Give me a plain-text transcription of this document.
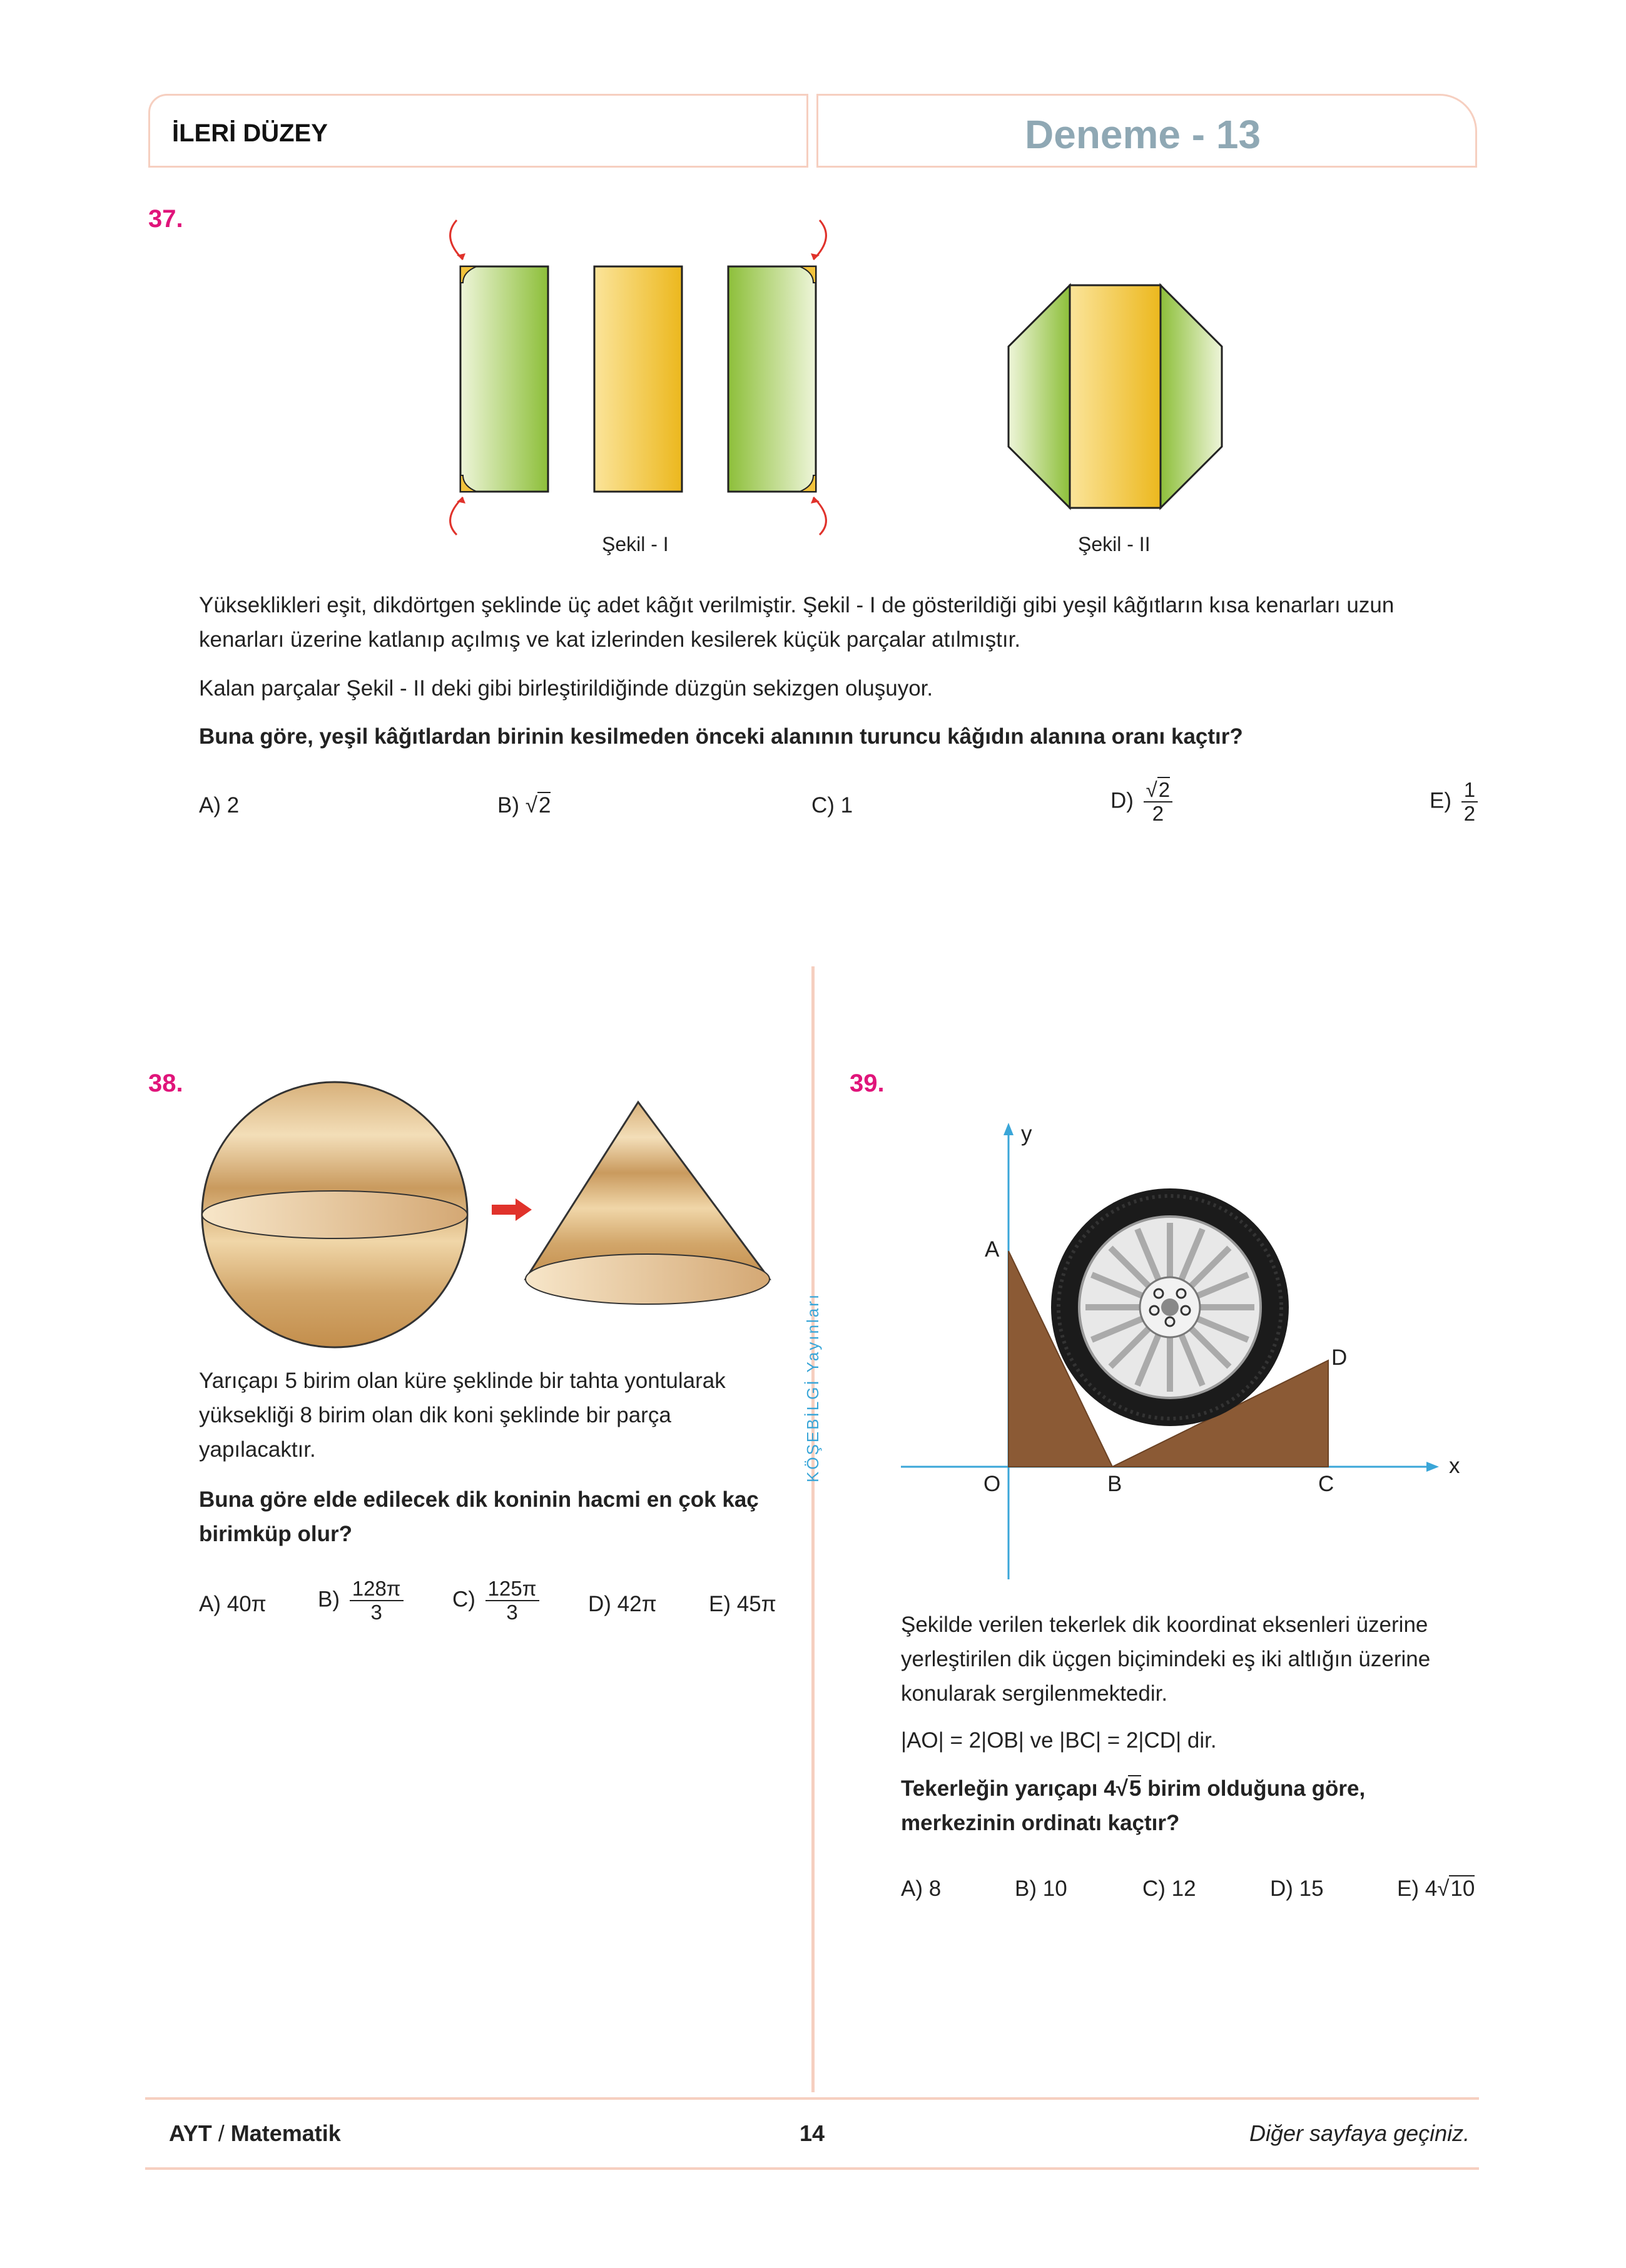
İLERİ DÜZEY	Deneme - 13
37.
Şekil - I	Şekil - II
Yükseklikleri eşit, dikdörtgen şeklinde üç adet kâğıt verilmiştir. Şekil - I de gösterildiği gibi yeşil kâğıtların kısa kenarları uzun kenarları üzerine katlanıp açılmış ve kat izlerinden kesilerek küçük parçalar atılmıştır.
Kalan parçalar Şekil - II deki gibi birleştirildiğinde düzgün sekizgen oluşuyor.
Buna göre, yeşil kâğıtlardan birinin kesilmeden önceki alanının turuncu kâğıdın alanına oranı kaçtır?
A) 2	B) √2	C) 1	$D) \frac{√2}{2}$	$E) \frac{1}{2}$
KÖŞEBİLGİ Yayınları
38.
Yarıçapı 5 birim olan küre şeklinde bir tahta yontularak yüksekliği 8 birim olan dik koni şeklinde bir parça yapılacaktır.
Buna göre elde edilecek dik koninin hacmi en çok kaç birimküp olur?
A) 40π $B) \frac{128\pi}{3} C) \frac{125\pi}{3} D$) 42π E) 45π
39.
y
x
A
O	B	C
D
Şekilde verilen tekerlek dik koordinat eksenleri üzerine yerleştirilen dik üçgen biçimindeki eş iki altlığın üzerine konularak sergilenmektedir.
|AO| = 2|OB| ve |BC| = 2|CD| dir.
Tekerleğin yarıçapı 4√5 birim olduğuna göre, merkezinin ordinatı kaçtır?
A) 8	B) 10	C) 12	D) 15	E) 4√10
AYT / Matematik	14	Diğer sayfaya geçiniz.
